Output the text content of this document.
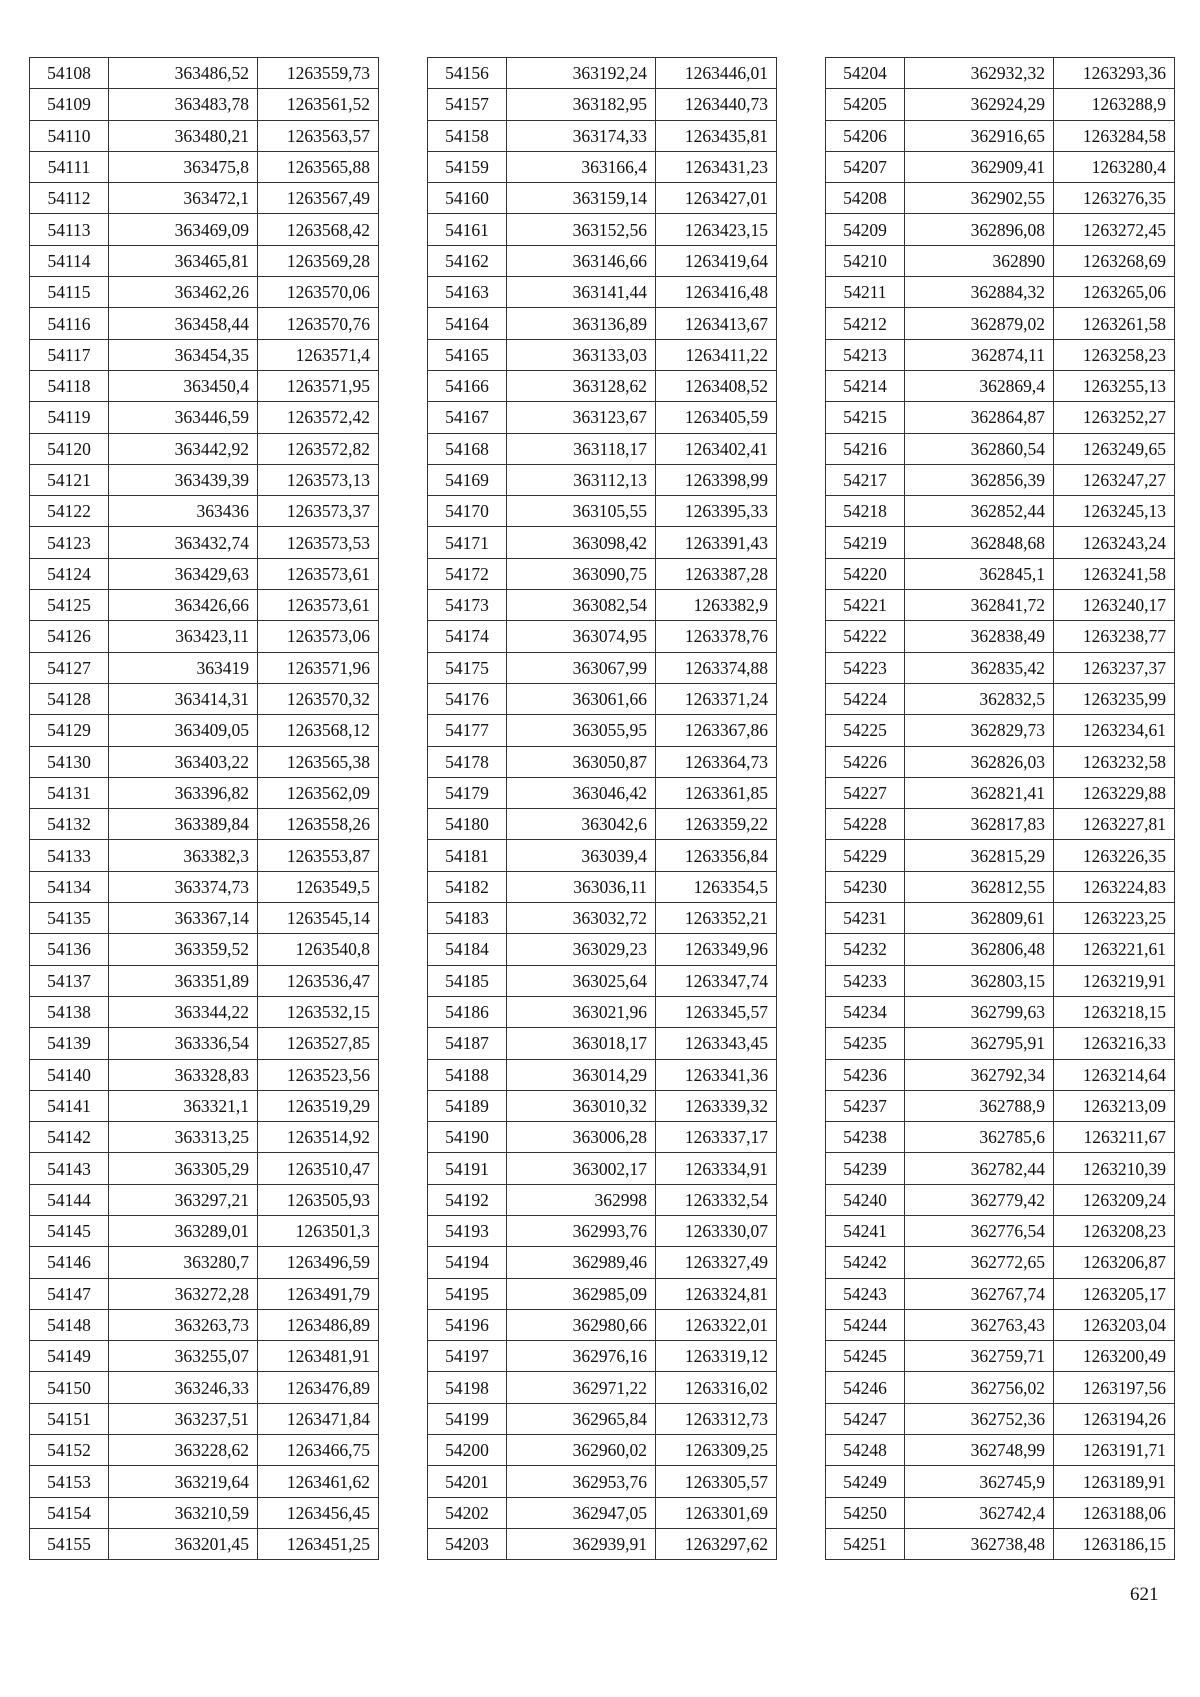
54108	363486,52	1263559,73
54109	363483,78	1263561,52
54110	363480,21	1263563,57
54111	363475,8	1263565,88
54112	363472,1	1263567,49
54113	363469,09	1263568,42
54114	363465,81	1263569,28
54115	363462,26	1263570,06
54116	363458,44	1263570,76
54117	363454,35	1263571,4
54118	363450,4	1263571,95
54119	363446,59	1263572,42
54120	363442,92	1263572,82
54121	363439,39	1263573,13
54122	363436	1263573,37
54123	363432,74	1263573,53
54124	363429,63	1263573,61
54125	363426,66	1263573,61
54126	363423,11	1263573,06
54127	363419	1263571,96
54128	363414,31	1263570,32
54129	363409,05	1263568,12
54130	363403,22	1263565,38
54131	363396,82	1263562,09
54132	363389,84	1263558,26
54133	363382,3	1263553,87
54134	363374,73	1263549,5
54135	363367,14	1263545,14
54136	363359,52	1263540,8
54137	363351,89	1263536,47
54138	363344,22	1263532,15
54139	363336,54	1263527,85
54140	363328,83	1263523,56
54141	363321,1	1263519,29
54142	363313,25	1263514,92
54143	363305,29	1263510,47
54144	363297,21	1263505,93
54145	363289,01	1263501,3
54146	363280,7	1263496,59
54147	363272,28	1263491,79
54148	363263,73	1263486,89
54149	363255,07	1263481,91
54150	363246,33	1263476,89
54151	363237,51	1263471,84
54152	363228,62	1263466,75
54153	363219,64	1263461,62
54154	363210,59	1263456,45
54155	363201,45	1263451,25
54156	363192,24	1263446,01
54157	363182,95	1263440,73
54158	363174,33	1263435,81
54159	363166,4	1263431,23
54160	363159,14	1263427,01
54161	363152,56	1263423,15
54162	363146,66	1263419,64
54163	363141,44	1263416,48
54164	363136,89	1263413,67
54165	363133,03	1263411,22
54166	363128,62	1263408,52
54167	363123,67	1263405,59
54168	363118,17	1263402,41
54169	363112,13	1263398,99
54170	363105,55	1263395,33
54171	363098,42	1263391,43
54172	363090,75	1263387,28
54173	363082,54	1263382,9
54174	363074,95	1263378,76
54175	363067,99	1263374,88
54176	363061,66	1263371,24
54177	363055,95	1263367,86
54178	363050,87	1263364,73
54179	363046,42	1263361,85
54180	363042,6	1263359,22
54181	363039,4	1263356,84
54182	363036,11	1263354,5
54183	363032,72	1263352,21
54184	363029,23	1263349,96
54185	363025,64	1263347,74
54186	363021,96	1263345,57
54187	363018,17	1263343,45
54188	363014,29	1263341,36
54189	363010,32	1263339,32
54190	363006,28	1263337,17
54191	363002,17	1263334,91
54192	362998	1263332,54
54193	362993,76	1263330,07
54194	362989,46	1263327,49
54195	362985,09	1263324,81
54196	362980,66	1263322,01
54197	362976,16	1263319,12
54198	362971,22	1263316,02
54199	362965,84	1263312,73
54200	362960,02	1263309,25
54201	362953,76	1263305,57
54202	362947,05	1263301,69
54203	362939,91	1263297,62
54204	362932,32	1263293,36
54205	362924,29	1263288,9
54206	362916,65	1263284,58
54207	362909,41	1263280,4
54208	362902,55	1263276,35
54209	362896,08	1263272,45
54210	362890	1263268,69
54211	362884,32	1263265,06
54212	362879,02	1263261,58
54213	362874,11	1263258,23
54214	362869,4	1263255,13
54215	362864,87	1263252,27
54216	362860,54	1263249,65
54217	362856,39	1263247,27
54218	362852,44	1263245,13
54219	362848,68	1263243,24
54220	362845,1	1263241,58
54221	362841,72	1263240,17
54222	362838,49	1263238,77
54223	362835,42	1263237,37
54224	362832,5	1263235,99
54225	362829,73	1263234,61
54226	362826,03	1263232,58
54227	362821,41	1263229,88
54228	362817,83	1263227,81
54229	362815,29	1263226,35
54230	362812,55	1263224,83
54231	362809,61	1263223,25
54232	362806,48	1263221,61
54233	362803,15	1263219,91
54234	362799,63	1263218,15
54235	362795,91	1263216,33
54236	362792,34	1263214,64
54237	362788,9	1263213,09
54238	362785,6	1263211,67
54239	362782,44	1263210,39
54240	362779,42	1263209,24
54241	362776,54	1263208,23
54242	362772,65	1263206,87
54243	362767,74	1263205,17
54244	362763,43	1263203,04
54245	362759,71	1263200,49
54246	362756,02	1263197,56
54247	362752,36	1263194,26
54248	362748,99	1263191,71
54249	362745,9	1263189,91
54250	362742,4	1263188,06
54251	362738,48	1263186,15
621
